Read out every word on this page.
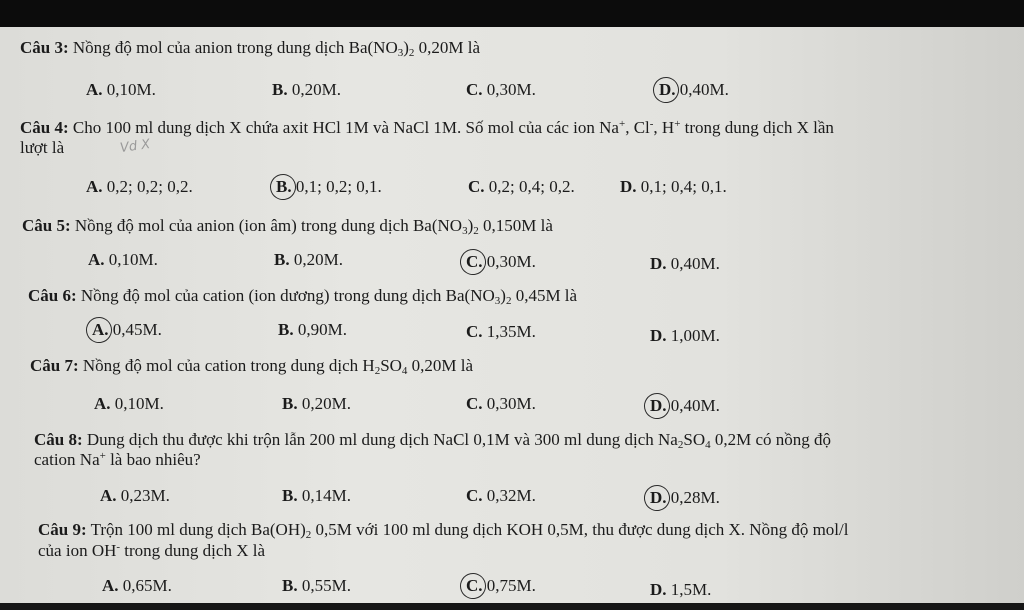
Câu 3: Nồng độ mol của anion trong dung dịch $Ba(NO_3)_2$ 0,20M là
A. 0,10M.	B. 0,20M.	C. 0,30M.	D.
0,40M.
Câu 4: Cho 100 ml dung dịch X chứa axit HCl 1M và NaCl 1M. Số mol của các ion Na+, Cl-, H+ trong dung dịch X lần
lượt là	Vd X
A. 0,2; 0,2; 0,2.	B.
0,1; 0,2; 0,1.	C. 0,2; 0,4; 0,2.	D. 0,1; 0,4; 0,1.
Câu 5: Nồng độ mol của anion (ion âm) trong dung dịch $Ba(NO_3)_2$ 0,150M là
A. 0,10M.	B. 0,20M.	C.
0,30M.	D. 0,40M.
Câu 6: Nồng độ mol của cation (ion dương) trong dung dịch $Ba(NO_3)_2$ 0,45M là
A.
0,45M.	B. 0,90M.	C. 1,35M.	D. 1,00M.
Câu 7: Nồng độ mol của cation trong dung dịch $H_2SO_4$ 0,20M là
A. 0,10M.	B. 0,20M.	C. 0,30M.	D.
0,40M.
Câu 8: Dung dịch thu được khi trộn lẫn 200 ml dung dịch NaCl 0,1M và 300 ml dung dịch $Na_2SO_4$ 0,2M có nồng độ
cation Na+ là bao nhiêu?
A. 0,23M.	B. 0,14M.	C. 0,32M.	D.
0,28M.
Câu 9: Trộn 100 ml dung dịch $Ba(OH)_2$ 0,5M với 100 ml dung dịch KOH 0,5M, thu được dung dịch X. Nồng độ mol/l
của ion OH- trong dung dịch X là
A. 0,65M.	B. 0,55M.	C.
0,75M.	D. 1,5M.
